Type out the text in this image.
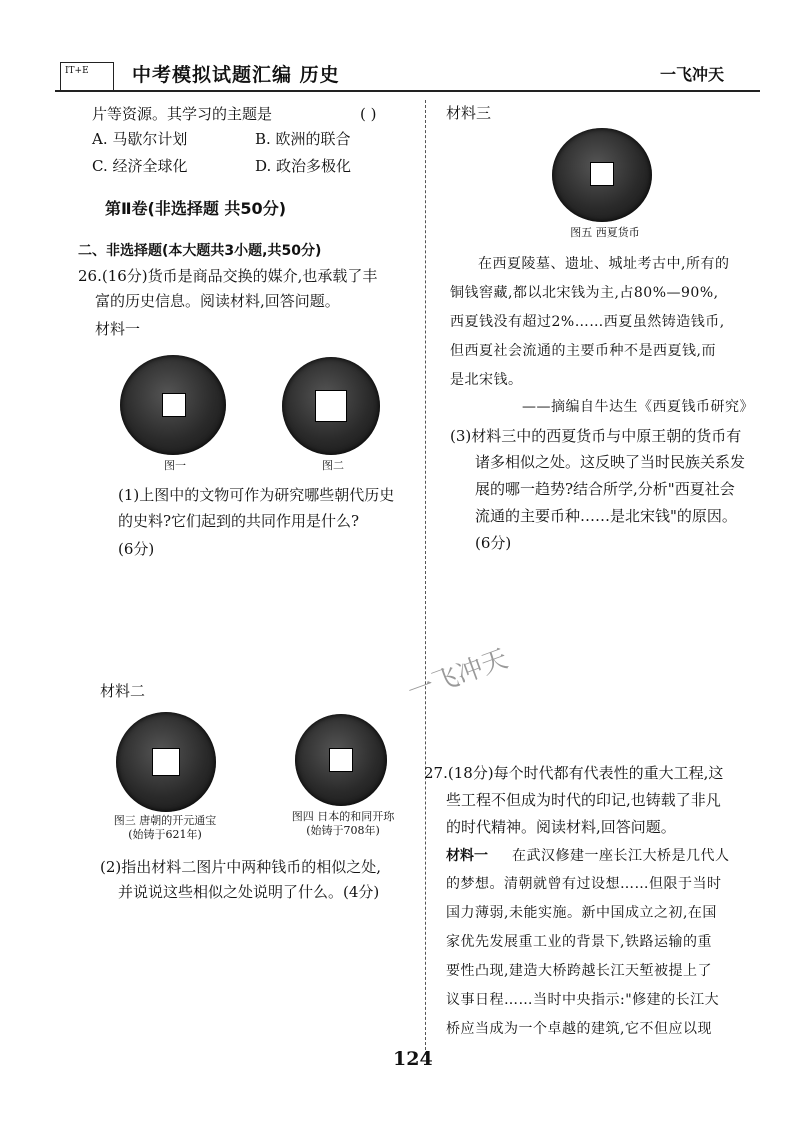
IT+E 中考模拟试题汇编 历史	一飞冲天
片等资源。其学习的主题是	( )
A. 马歇尔计划	B. 欧洲的联合
C. 经济全球化	D. 政治多极化
第Ⅱ卷(非选择题 共50分)
二、非选择题(本大题共3小题,共50分)
26.(16分)货币是商品交换的媒介,也承载了丰
富的历史信息。阅读材料,回答问题。
材料一
图一	图二
(1)上图中的文物可作为研究哪些朝代历史
的史料?它们起到的共同作用是什么?
(6分)
材料二
图三 唐朝的开元通宝
(始铸于621年)
图四 日本的和同开珎
(始铸于708年)
(2)指出材料二图片中两种钱币的相似之处,
并说说这些相似之处说明了什么。(4分)
材料三
图五 西夏货币
在西夏陵墓、遗址、城址考古中,所有的
铜钱窖藏,都以北宋钱为主,占80%—90%,
西夏钱没有超过2%……西夏虽然铸造钱币,
但西夏社会流通的主要币种不是西夏钱,而
是北宋钱。
——摘编自牛达生《西夏钱币研究》
(3)材料三中的西夏货币与中原王朝的货币有
诸多相似之处。这反映了当时民族关系发
展的哪一趋势?结合所学,分析"西夏社会
流通的主要币种……是北宋钱"的原因。
(6分)
一飞冲天
27.(18分)每个时代都有代表性的重大工程,这
些工程不但成为时代的印记,也铸载了非凡
的时代精神。阅读材料,回答问题。
材料一 在武汉修建一座长江大桥是几代人
的梦想。清朝就曾有过设想……但限于当时
国力薄弱,未能实施。新中国成立之初,在国
家优先发展重工业的背景下,铁路运输的重
要性凸现,建造大桥跨越长江天堑被提上了
议事日程……当时中央指示:"修建的长江大
桥应当成为一个卓越的建筑,它不但应以现
124
